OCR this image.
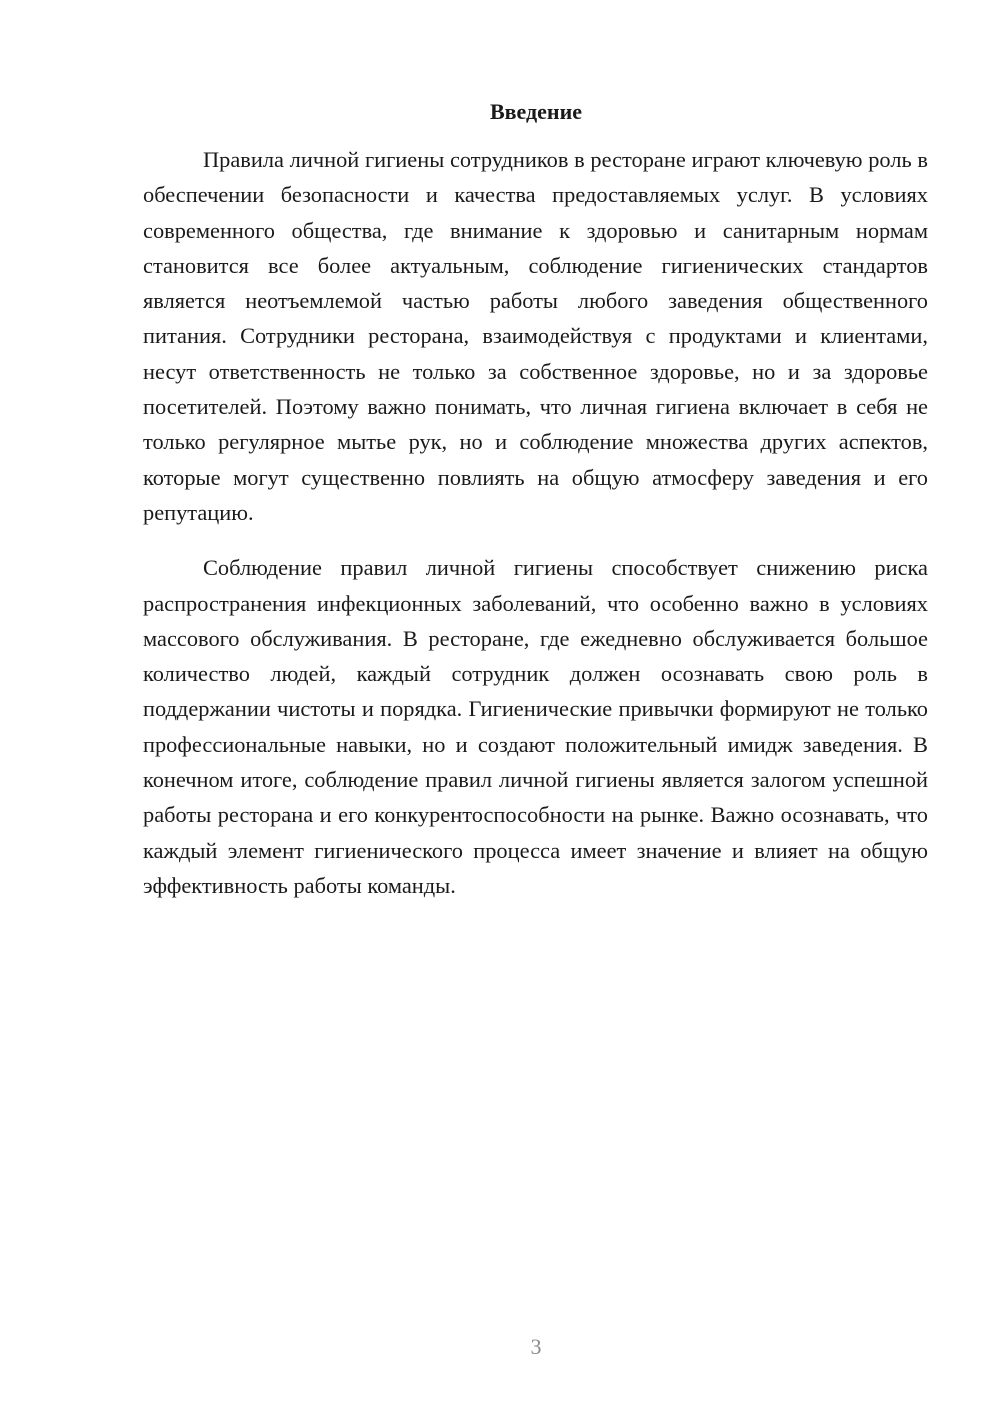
Введение

Правила личной гигиены сотрудников в ресторане играют ключевую роль в обеспечении безопасности и качества предоставляемых услуг. В условиях современного общества, где внимание к здоровью и санитарным нормам становится все более актуальным, соблюдение гигиенических стандартов является неотъемлемой частью работы любого заведения общественного питания. Сотрудники ресторана, взаимодействуя с продуктами и клиентами, несут ответственность не только за собственное здоровье, но и за здоровье посетителей. Поэтому важно понимать, что личная гигиена включает в себя не только регулярное мытье рук, но и соблюдение множества других аспектов, которые могут существенно повлиять на общую атмосферу заведения и его репутацию.

Соблюдение правил личной гигиены способствует снижению риска распространения инфекционных заболеваний, что особенно важно в условиях массового обслуживания. В ресторане, где ежедневно обслуживается большое количество людей, каждый сотрудник должен осознавать свою роль в поддержании чистоты и порядка. Гигиенические привычки формируют не только профессиональные навыки, но и создают положительный имидж заведения. В конечном итоге, соблюдение правил личной гигиены является залогом успешной работы ресторана и его конкурентоспособности на рынке. Важно осознавать, что каждый элемент гигиенического процесса имеет значение и влияет на общую эффективность работы команды.

3
